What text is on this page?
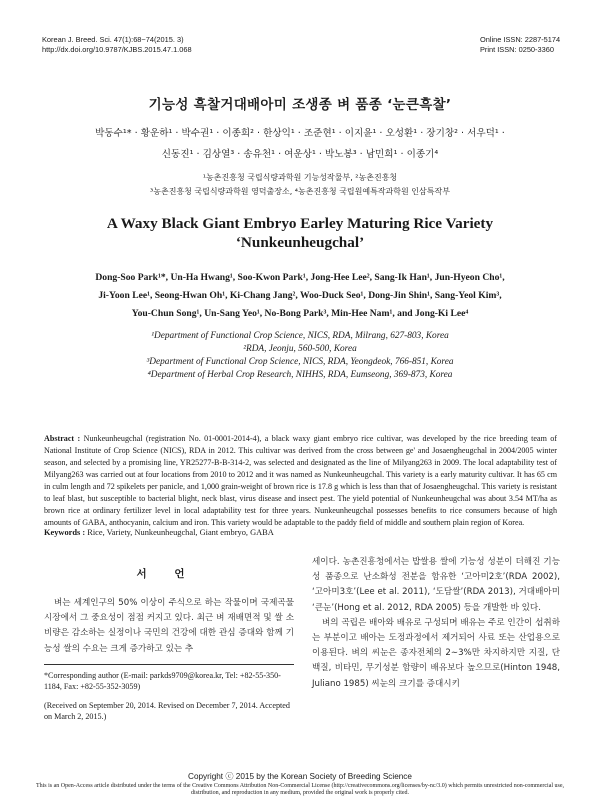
Korean J. Breed. Sci. 47(1):68~74(2015. 3)
http://dx.doi.org/10.9787/KJBS.2015.47.1.068
Online ISSN: 2287-5174
Print ISSN: 0250-3360
기능성 흑찰거대배아미 조생종 벼 품종 ‘눈큰흑찰’
박동수¹* · 황운하¹ · 박수권¹ · 이종희² · 한상익¹ · 조준현¹ · 이지윤¹ · 오성환¹ · 장기창² · 서우덕¹ ·
신동진¹ · 김상열³ · 송유천¹ · 여운상¹ · 박노봉³ · 남민희¹ · 이종기⁴
¹농촌진흥청 국립식량과학원 기능성작물부, ²농촌진흥청
³농촌진흥청 국립식량과학원 영덕출장소, ⁴농촌진흥청 국립원예특작과학원 인삼특작부
A Waxy Black Giant Embryo Earley Maturing Rice Variety
‘Nunkeunheugchal’
Dong-Soo Park¹*, Un-Ha Hwang¹, Soo-Kwon Park¹, Jong-Hee Lee², Sang-Ik Han¹, Jun-Hyeon Cho¹,
Ji-Yoon Lee¹, Seong-Hwan Oh¹, Ki-Chang Jang², Woo-Duck Seo¹, Dong-Jin Shin¹, Sang-Yeol Kim³,
You-Chun Song¹, Un-Sang Yeo¹, No-Bong Park³, Min-Hee Nam¹, and Jong-Ki Lee⁴
¹Department of Functional Crop Science, NICS, RDA, Milrang, 627-803, Korea
²RDA, Jeonju, 560-500, Korea
³Department of Functional Crop Science, NICS, RDA, Yeongdeok, 766-851, Korea
⁴Department of Herbal Crop Research, NIHHS, RDA, Eumseong, 369-873, Korea
Abstract : Nunkeunheugchal (registration No. 01-0001-2014-4), a black waxy giant embryo rice cultivar, was developed by the rice breeding team of National Institute of Crop Science (NICS), RDA in 2012. This cultivar was derived from the cross between ge' and Josaengheugchal in 2004/2005 winter season, and selected by a promising line, YR25277-B-B-314-2, was selected and designated as the line of Milyang263 in 2009. The local adaptability test of Milyang263 was carried out at four locations from 2010 to 2012 and it was named as Nunkeunheugchal. This variety is a early maturity cultivar. It has 65 cm in culm length and 72 spikelets per panicle, and 1,000 grain-weight of brown rice is 17.8 g which is less than that of Josaengheugchal. This variety is resistant to leaf blast, but susceptible to bacterial blight, neck blast, virus disease and insect pest. The yield potential of Nunkeunheugchal was about 3.54 MT/ha as brown rice at ordinary fertilizer level in local adaptability test for three years. Nunkeunheugchal possesses benefits to rice consumers because of high amounts of GABA, anthocyanin, calcium and iron. This variety would be adaptable to the paddy field of middle and southern plain region of Korea.
Keywords : Rice, Variety, Nunkeunheugchal, Giant embryo, GABA
서 언
벼는 세계인구의 50% 이상이 주식으로 하는 작물이며 국제곡물시장에서 그 중요성이 점점 커지고 있다. 최근 벼 재배면적 및 쌀 소비량은 감소하는 실정이나 국민의 건강에 대한 관심 증대와 함께 기능성 쌀의 수요는 크게 증가하고 있는 추

세이다. 농촌진흥청에서는 밥쌀용 쌀에 기능성 성분이 더해진 기능성 품종으로 난소화성 전분을 함유한 ‘고아미2호’(RDA 2002), ‘고아미3호’(Lee et al. 2011), ‘도담쌀’(RDA 2013), 거대배아미 ‘큰눈’(Hong et al. 2012, RDA 2005) 등을 개발한 바 있다.

벼의 곡립은 배아와 배유로 구성되며 배유는 주로 인간이 섭취하는 부분이고 배아는 도정과정에서 제거되어 사료 또는 산업용으로 이용된다. 벼의 씨눈은 종자전체의 2∼3%만 차지하지만 지질, 단백질, 비타민, 무기성분 함량이 배유보다 높으므로(Hinton 1948, Juliano 1985) 씨눈의 크기를 증대시키

*Corresponding author (E-mail: parkds9709@korea.kr, Tel: +82-55-350-1184, Fax: +82-55-352-3059)
(Received on September 20, 2014. Revised on December 7, 2014. Accepted on March 2, 2015.)
Copyright ⓒ 2015 by the Korean Society of Breeding Science
This is an Open-Access article distributed under the terms of the Creative Commons Attribution Non-Commercial License (http://creativecommons.org/licenses/by-nc/3.0) which permits unrestricted non-commercial use, distribution, and reproduction in any medium, provided the original work is properly cited.
